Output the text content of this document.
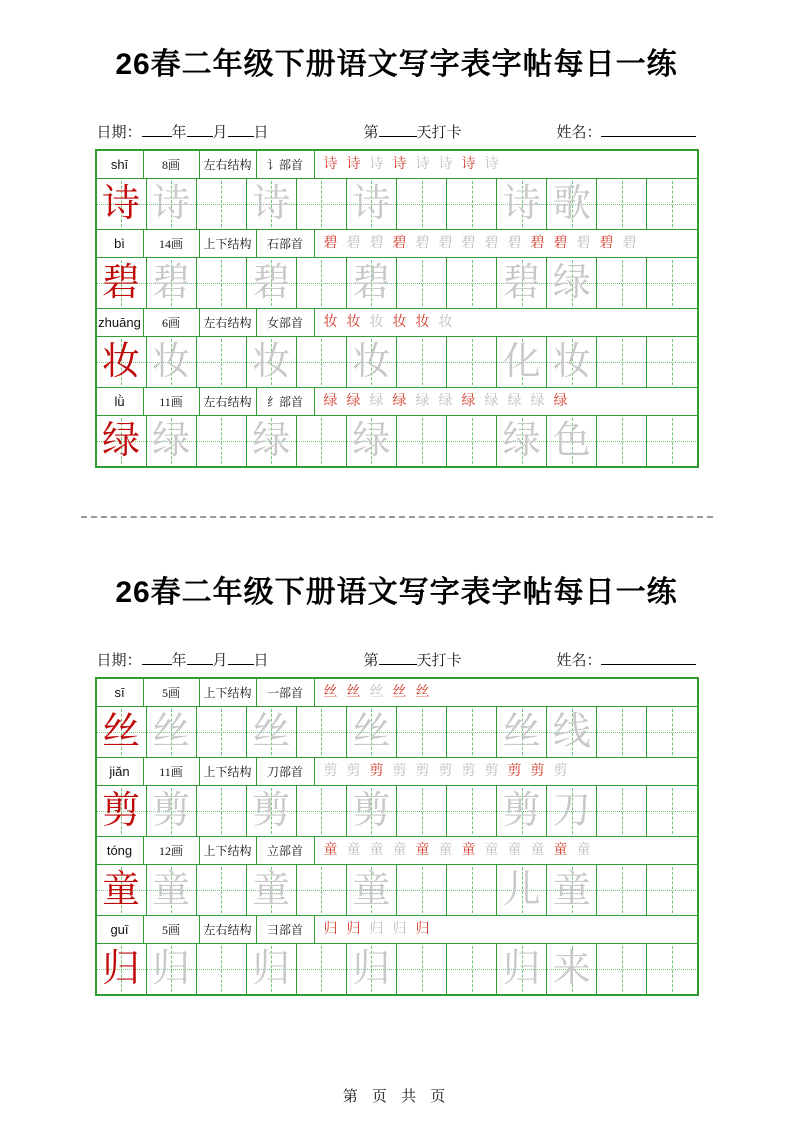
26春二年级下册语文写字表字帖每日一练
日期： 年 月 日	第	天打卡	姓名：
shī	8画	左右结构	讠部首	诗 诗 诗 诗 诗 诗 诗 诗
诗 诗 诗 诗	诗 歌
bì	14画	上下结构	石部首	碧 碧 碧 碧 碧 碧 碧 碧 碧 碧 碧 碧 碧 碧
碧 碧 碧 碧	碧 绿
zhuāng	6画	左右结构	女部首	妆 妆 妆 妆 妆 妆
妆 妆 妆 妆	化 妆
lǜ	11画	左右结构	纟部首	绿 绿 绿 绿 绿 绿 绿 绿 绿 绿 绿
绿 绿 绿 绿	绿 色
26春二年级下册语文写字表字帖每日一练
日期： 年 月 日	第	天打卡	姓名：
sī	5画	上下结构	一部首	丝 丝 丝 丝 丝
丝 丝 丝 丝	丝 线
jiǎn	11画	上下结构	刀部首	剪 剪 剪 剪 剪 剪 剪 剪 剪 剪 剪
剪 剪 剪 剪	剪 刀
tóng	12画	上下结构	立部首	童 童 童 童 童 童 童 童 童 童 童 童
童 童 童 童	儿 童
guī	5画	左右结构	彐部首	归 归 归 归 归
归 归 归 归	归 来
第 页 共 页
